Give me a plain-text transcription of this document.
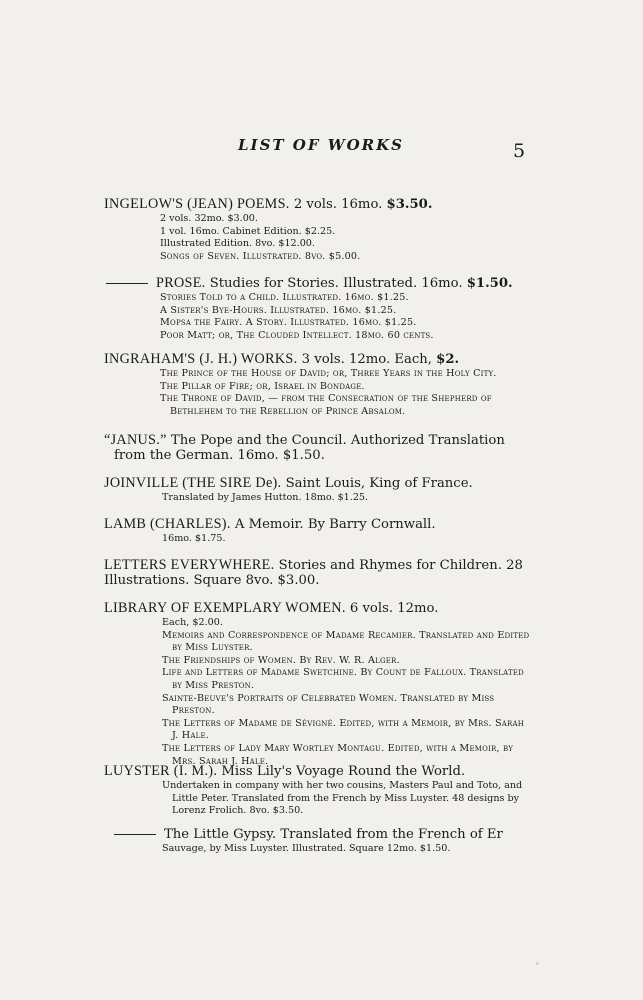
LIST OF WORKS	5
INGELOW'S (JEAN) POEMS. 2 vols. 16mo. $3.50.
2 vols. 32mo. $3.00.
1 vol. 16mo. Cabinet Edition. $2.25.
Illustrated Edition. 8vo. $12.00.
Songs of Seven. Illustrated. 8vo. $5.00.
PROSE. Studies for Stories. Illustrated. 16mo. $1.50.
Stories Told to a Child. Illustrated. 16mo. $1.25.
A Sister's Bye-Hours. Illustrated. 16mo. $1.25.
Mopsa the Fairy. A Story. Illustrated. 16mo. $1.25.
Poor Matt; or, The Clouded Intellect. 18mo. 60 cents.
INGRAHAM'S (J. H.) WORKS. 3 vols. 12mo. Each, $2.
The Prince of the House of David; or, Three Years in the Holy City.
The Pillar of Fire; or, Israel in Bondage.
The Throne of David, — from the Consecration of the Shepherd of Bethlehem to the Rebellion of Prince Absalom.
“JANUS.” The Pope and the Council. Authorized Translation from the German. 16mo. $1.50.
JOINVILLE (THE SIRE De). Saint Louis, King of France.
Translated by James Hutton. 18mo. $1.25.
LAMB (CHARLES). A Memoir. By Barry Cornwall.
16mo. $1.75.
LETTERS EVERYWHERE. Stories and Rhymes for Children. 28 Illustrations. Square 8vo. $3.00.
LIBRARY OF EXEMPLARY WOMEN. 6 vols. 12mo.
Each, $2.00.
Memoirs and Correspondence of Madame Recamier. Translated and Edited by Miss Luyster.
The Friendships of Women. By Rev. W. R. Alger.
Life and Letters of Madame Swetchine. By Count de Falloux. Translated by Miss Preston.
Sainte-Beuve's Portraits of Celebrated Women. Translated by Miss Preston.
The Letters of Madame de Sévigné. Edited, with a Memoir, by Mrs. Sarah J. Hale.
The Letters of Lady Mary Wortley Montagu. Edited, with a Memoir, by Mrs. Sarah J. Hale.
LUYSTER (I. M.). Miss Lily's Voyage Round the World.
Undertaken in company with her two cousins, Masters Paul and Toto, and Little Peter. Translated from the French by Miss Luyster. 48 designs by Lorenz Frolich. 8vo. $3.50.
The Little Gypsy. Translated from the French of Er
Sauvage, by Miss Luyster. Illustrated. Square 12mo. $1.50.
ˈ
